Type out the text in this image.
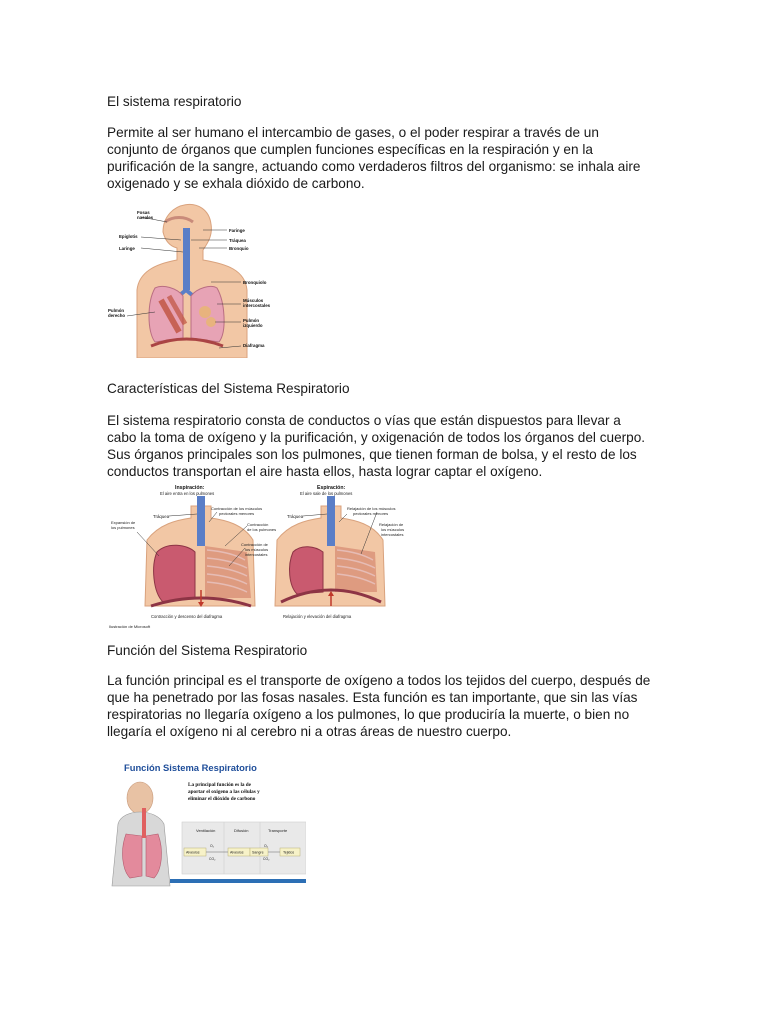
El sistema respiratorio
Permite al ser humano el intercambio de gases, o el poder respirar a través de un
conjunto de órganos que cumplen funciones específicas en la respiración y en la
purificación de la sangre, actuando como verdaderos filtros del organismo: se inhala aire
oxigenado y se exhala dióxido de carbono.
Fosas
nasales
Epiglotis
Laringe
Faringe
Tráquea
Bronquio
Bronquiolo
Músculos
intercostales
Pulmón
izquierdo
Pulmón
derecho
Diafragma
Características del Sistema Respiratorio
El sistema respiratorio consta de conductos o vías que están dispuestos para llevar a
cabo la toma de oxígeno y la purificación, y oxigenación de todos los órganos del cuerpo.
Sus órganos principales son los pulmones, que tienen forman de bolsa, y el resto de los
conductos transportan el aire hasta ellos, hasta lograr captar el oxígeno.
Inspiración:
El aire entra en los pulmones
Espiración:
El aire sale de los pulmones
Tráquea	Tráquea
Expansión de
los pulmones
Contracción de los músculos
pectorales menores
Contracción
de los pulmones
Contracción de
los músculos
intercostales
Relajación de los músculos
pectorales menores
Relajación de
los músculos
intercostales
Contracción y descenso del diafragma	Relajación y elevación del diafragma
Ilustración de Microsoft
Función del Sistema Respiratorio
La función principal es el transporte de oxígeno a todos los tejidos del cuerpo, después de
que ha penetrado por las fosas nasales. Esta función es tan importante, que sin las vías
respiratorias no llegaría oxígeno a los pulmones, lo que produciría la muerte, o bien no
llegaría el oxígeno ni al cerebro ni a otras áreas de nuestro cuerpo.
Función Sistema Respiratorio
La principal función es la de
aportar el oxigeno a las células y
eliminar el dióxido de carbono
Ventilación	Difusión	Transporte
Alvéolos	Alvéolos Sangre	Tejidos
O₂
CO₂
O₂
CO₂
